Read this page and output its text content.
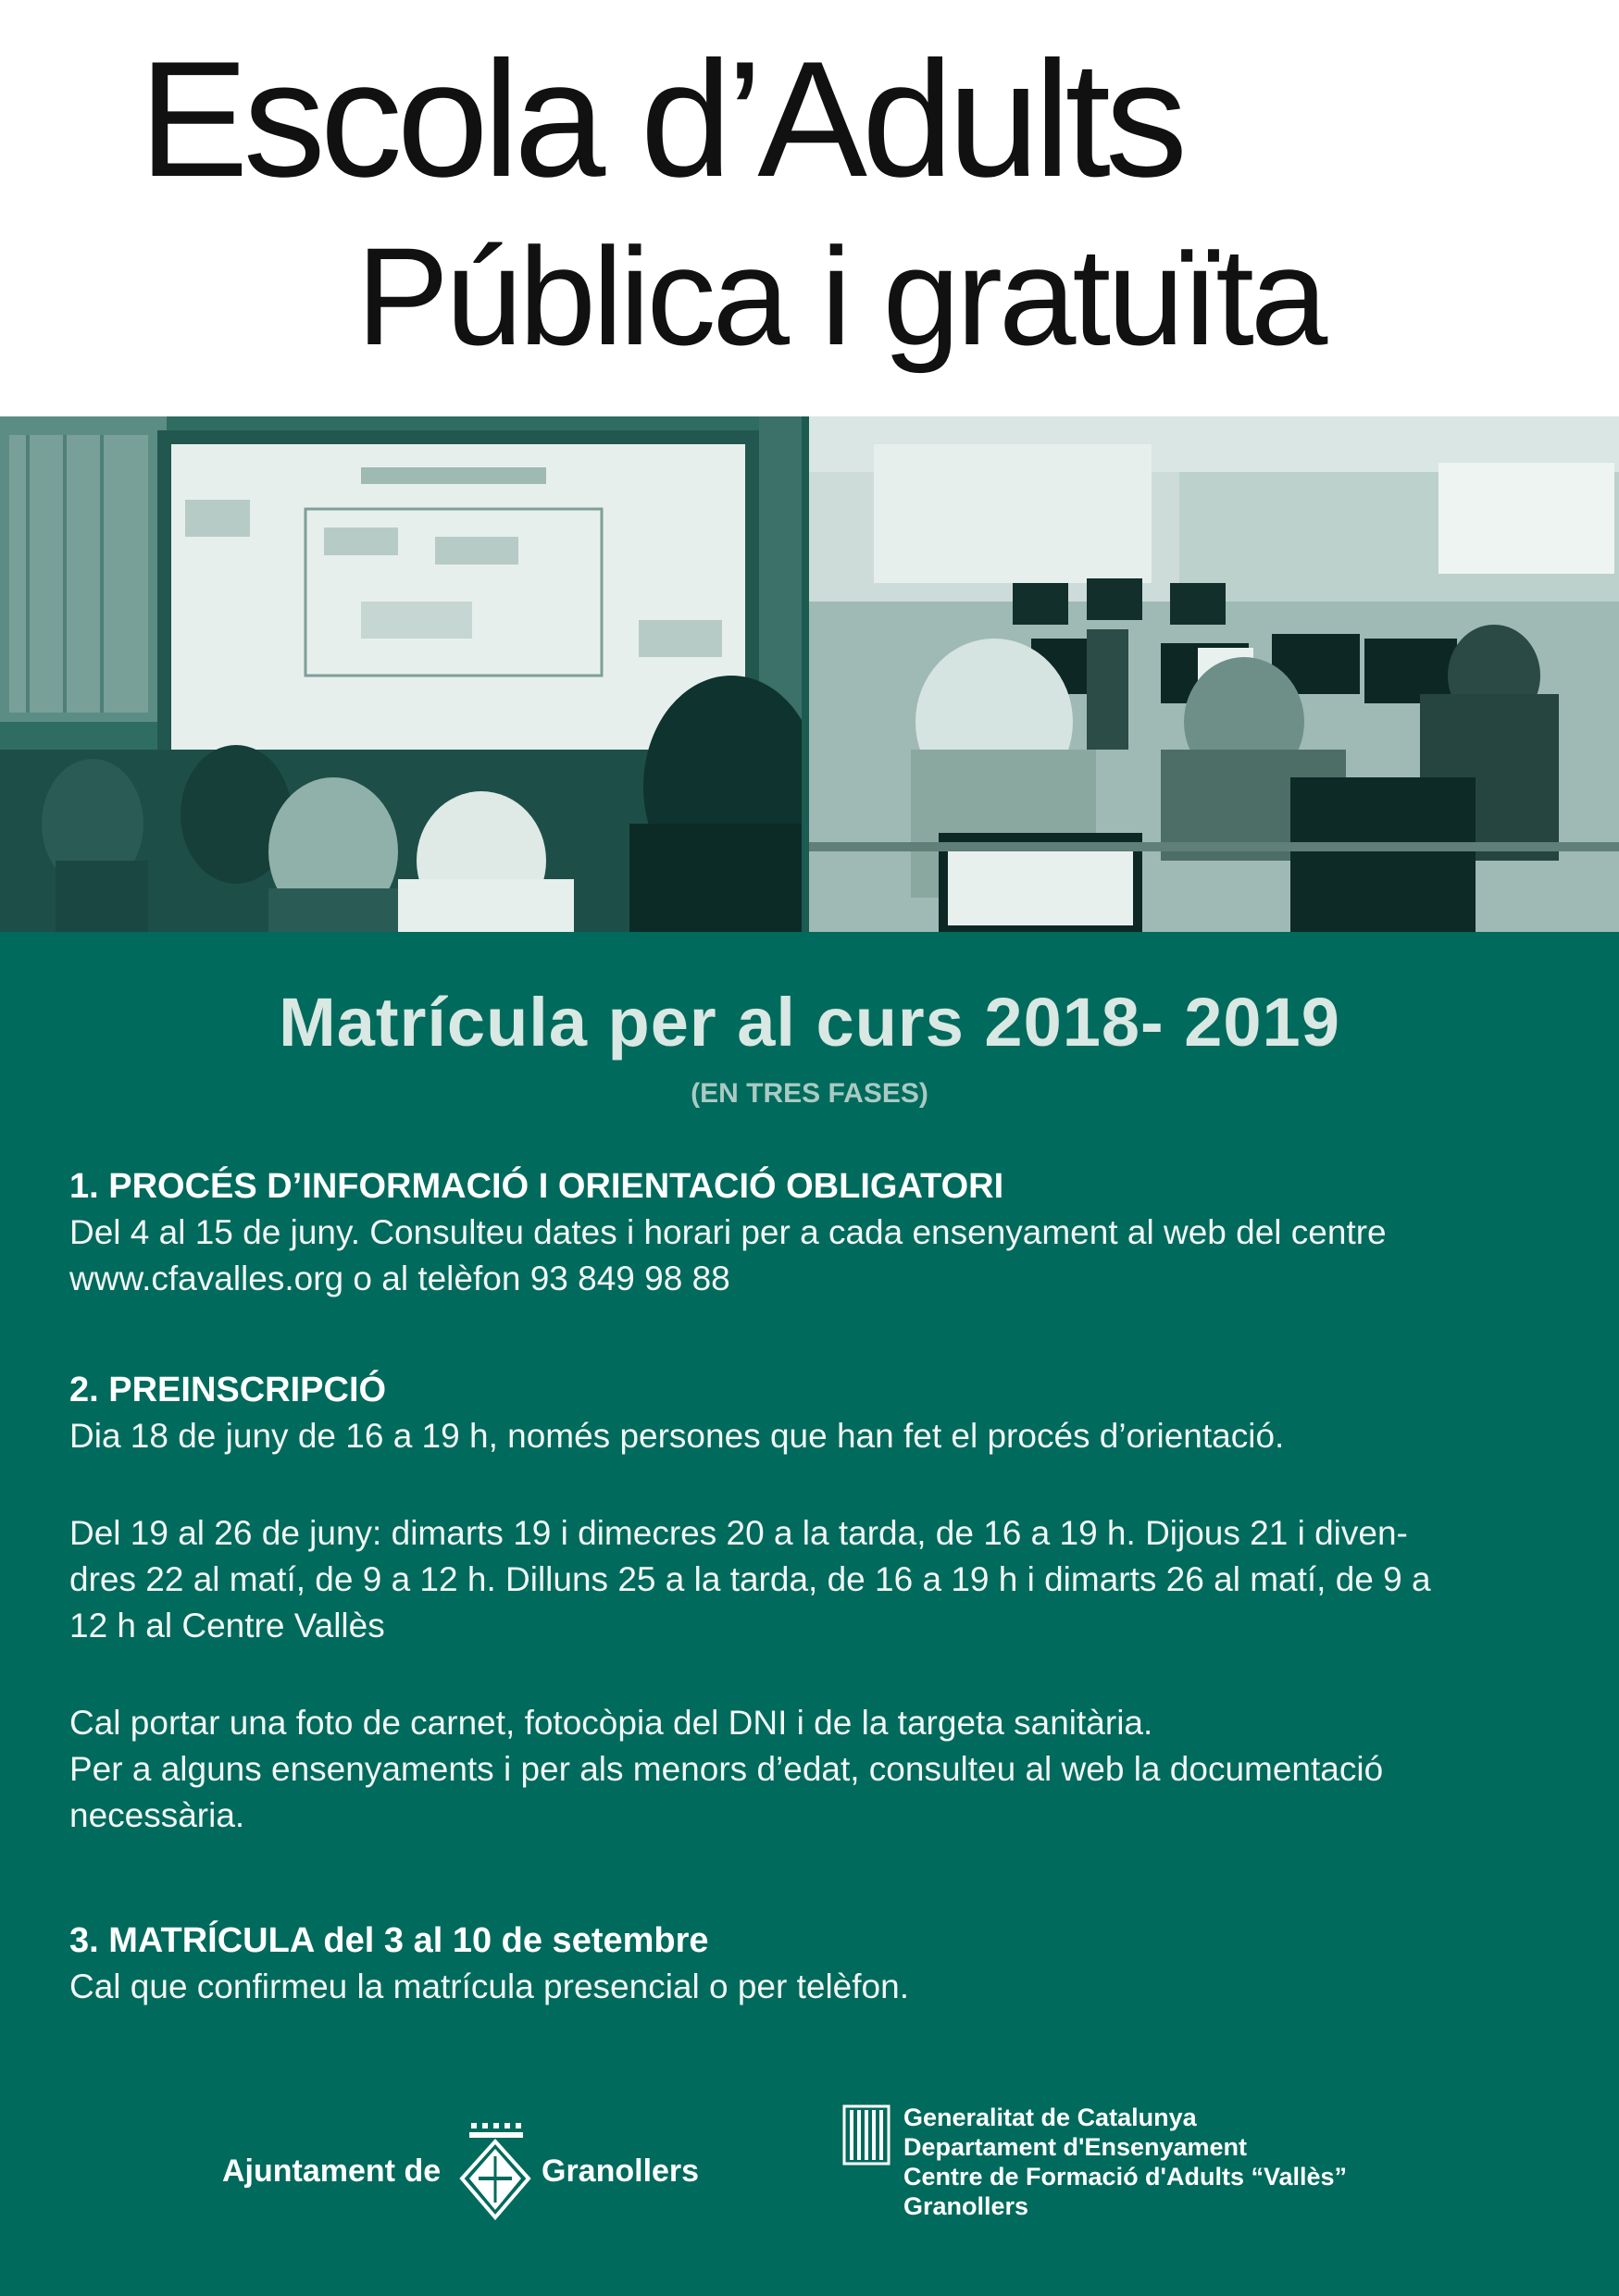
Escola d’Adults
Pública i gratuïta
Matrícula per al curs 2018- 2019
(EN TRES FASES)
1. PROCÉS D’INFORMACIÓ I ORIENTACIÓ OBLIGATORI
Del 4 al 15 de juny. Consulteu dates i horari per a cada ensenyament al web del centre
www.cfavalles.org o al telèfon 93 849 98 88
2. PREINSCRIPCIÓ
Dia 18 de juny de 16 a 19 h, només persones que han fet el procés d’orientació.
Del 19 al 26 de juny: dimarts 19 i dimecres 20 a la tarda, de 16 a 19 h. Dijous 21 i diven-
dres 22 al matí, de 9 a 12 h. Dilluns 25 a la tarda, de 16 a 19 h i dimarts 26 al matí, de 9 a
12 h al Centre Vallès
Cal portar una foto de carnet, fotocòpia del DNI i de la targeta sanitària.
Per a alguns ensenyaments i per als menors d’edat, consulteu al web la documentació
necessària.
3. MATRÍCULA del 3 al 10 de setembre
Cal que confirmeu la matrícula presencial o per telèfon.
Ajuntament de	Granollers
Generalitat de Catalunya
Departament d'Ensenyament
Centre de Formació d'Adults “Vallès”
Granollers
